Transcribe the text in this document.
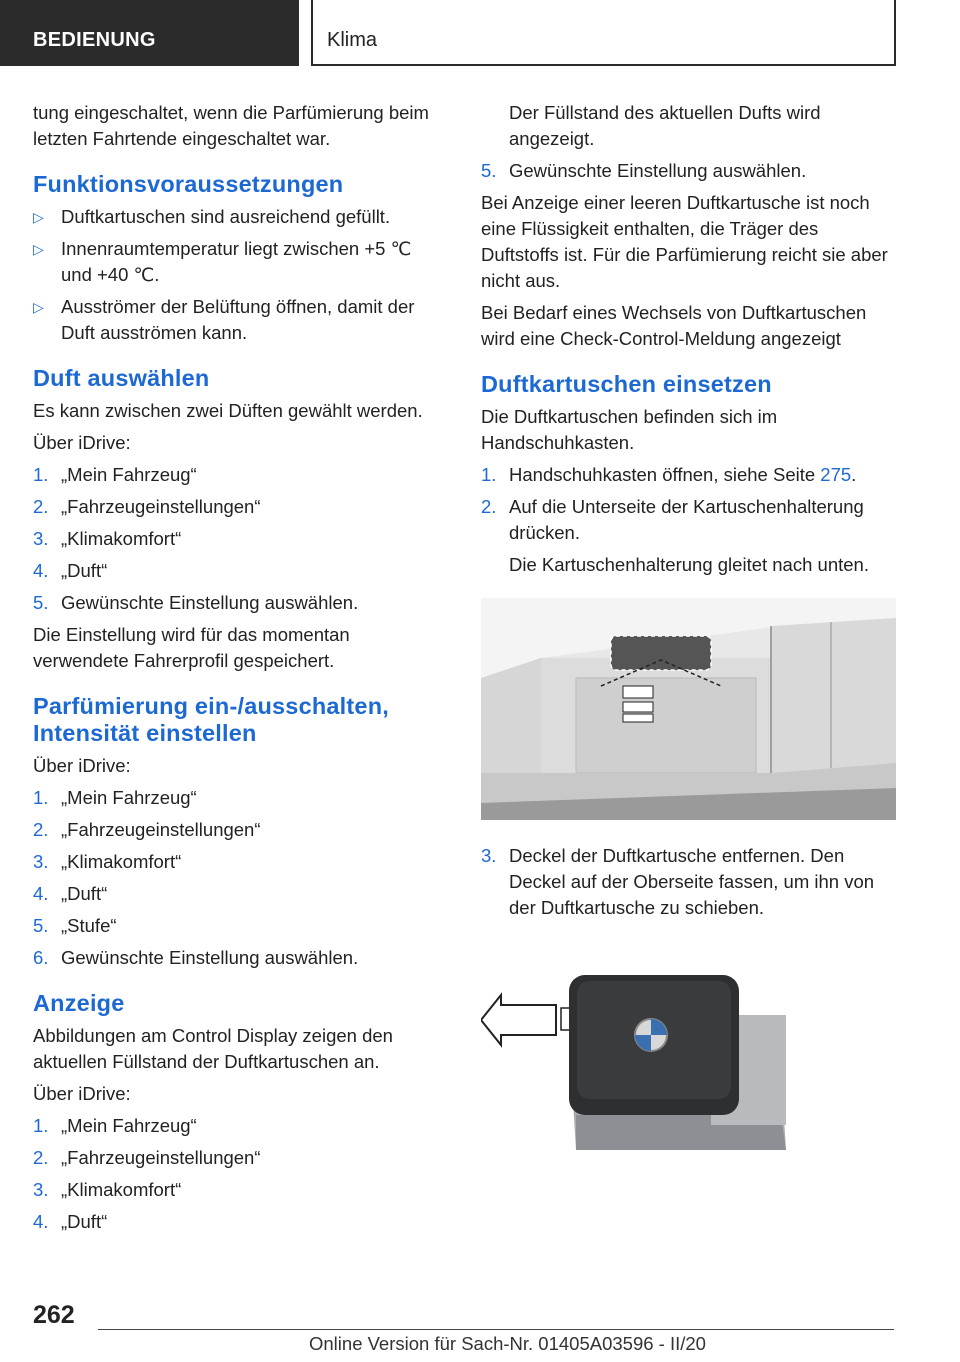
BEDIENUNG	Klima

tung eingeschaltet, wenn die Parfümierung beim letzten Fahrtende eingeschaltet war.

Funktionsvoraussetzungen
▷ Duftkartuschen sind ausreichend gefüllt.
▷ Innenraumtemperatur liegt zwischen +5 ℃ und +40 ℃.
▷ Ausströmer der Belüftung öffnen, damit der Duft ausströmen kann.
Duft auswählen

Es kann zwischen zwei Düften gewählt werden.

Über iDrive:

1. „Mein Fahrzeug“
2. „Fahrzeugeinstellungen“
3. „Klimakomfort“
4. „Duft“
5. Gewünschte Einstellung auswählen.

Die Einstellung wird für das momentan verwendete Fahrerprofil gespeichert.

Parfümierung ein-/ausschalten, Intensität einstellen

Über iDrive:

1. „Mein Fahrzeug“
2. „Fahrzeugeinstellungen“
3. „Klimakomfort“
4. „Duft“
5. „Stufe“
6. Gewünschte Einstellung auswählen.
Anzeige

Abbildungen am Control Display zeigen den aktuellen Füllstand der Duftkartuschen an.

Über iDrive:

1. „Mein Fahrzeug“
2. „Fahrzeugeinstellungen“
3. „Klimakomfort“
4. „Duft“
Der Füllstand des aktuellen Dufts wird angezeigt.
5. Gewünschte Einstellung auswählen.

Bei Anzeige einer leeren Duftkartusche ist noch eine Flüssigkeit enthalten, die Träger des Duftstoffs ist. Für die Parfümierung reicht sie aber nicht aus.

Bei Bedarf eines Wechsels von Duftkartuschen wird eine Check-Control-Meldung angezeigt

Duftkartuschen einsetzen

Die Duftkartuschen befinden sich im Handschuhkasten.

1. Handschuhkasten öffnen, siehe Seite 275.
2. Auf die Unterseite der Kartuschenhalterung drücken.
Die Kartuschenhalterung gleitet nach unten.
3. Deckel der Duftkartusche entfernen. Den Deckel auf der Oberseite fassen, um ihn von der Duftkartusche zu schieben.
262
Online Version für Sach-Nr. 01405A03596 - II/20
